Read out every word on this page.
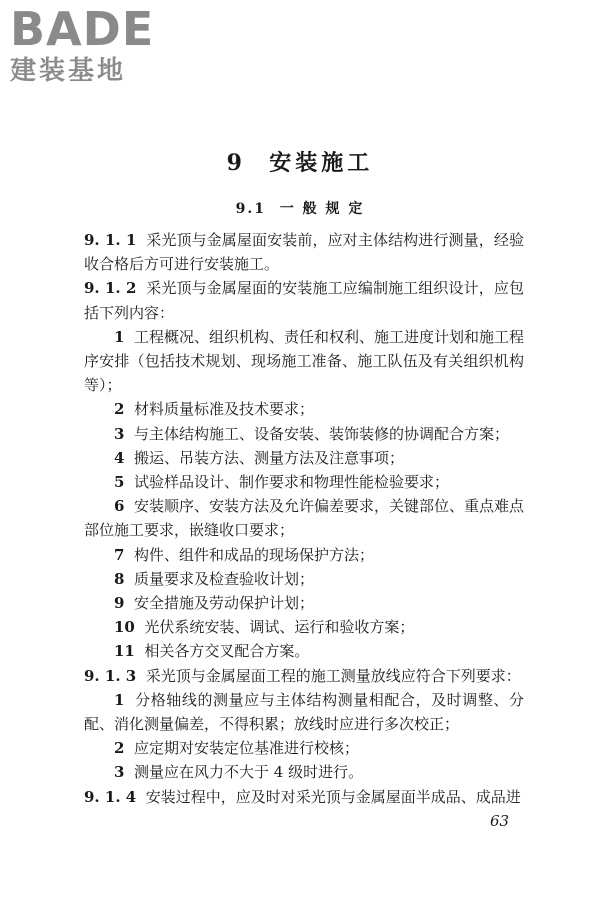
BADE
建装基地
9  安装施工
9.1  一 般 规 定

9. 1. 1 采光顶与金属屋面安装前，应对主体结构进行测量，经验收合格后方可进行安装施工。

9. 1. 2 采光顶与金属屋面的安装施工应编制施工组织设计，应包括下列内容：

1 工程概况、组织机构、责任和权利、施工进度计划和施工程序安排（包括技术规划、现场施工准备、施工队伍及有关组织机构等）；

2 材料质量标准及技术要求；

3 与主体结构施工、设备安装、装饰装修的协调配合方案；

4 搬运、吊装方法、测量方法及注意事项；

5 试验样品设计、制作要求和物理性能检验要求；

6 安装顺序、安装方法及允许偏差要求，关键部位、重点难点部位施工要求，嵌缝收口要求；

7 构件、组件和成品的现场保护方法；

8 质量要求及检查验收计划；

9 安全措施及劳动保护计划；

10 光伏系统安装、调试、运行和验收方案；

11 相关各方交叉配合方案。

9. 1. 3 采光顶与金属屋面工程的施工测量放线应符合下列要求：

1 分格轴线的测量应与主体结构测量相配合，及时调整、分配、消化测量偏差，不得积累；放线时应进行多次校正；

2 应定期对安装定位基准进行校核；

3 测量应在风力不大于 4 级时进行。

9. 1. 4 安装过程中，应及时对采光顶与金属屋面半成品、成品进

63
